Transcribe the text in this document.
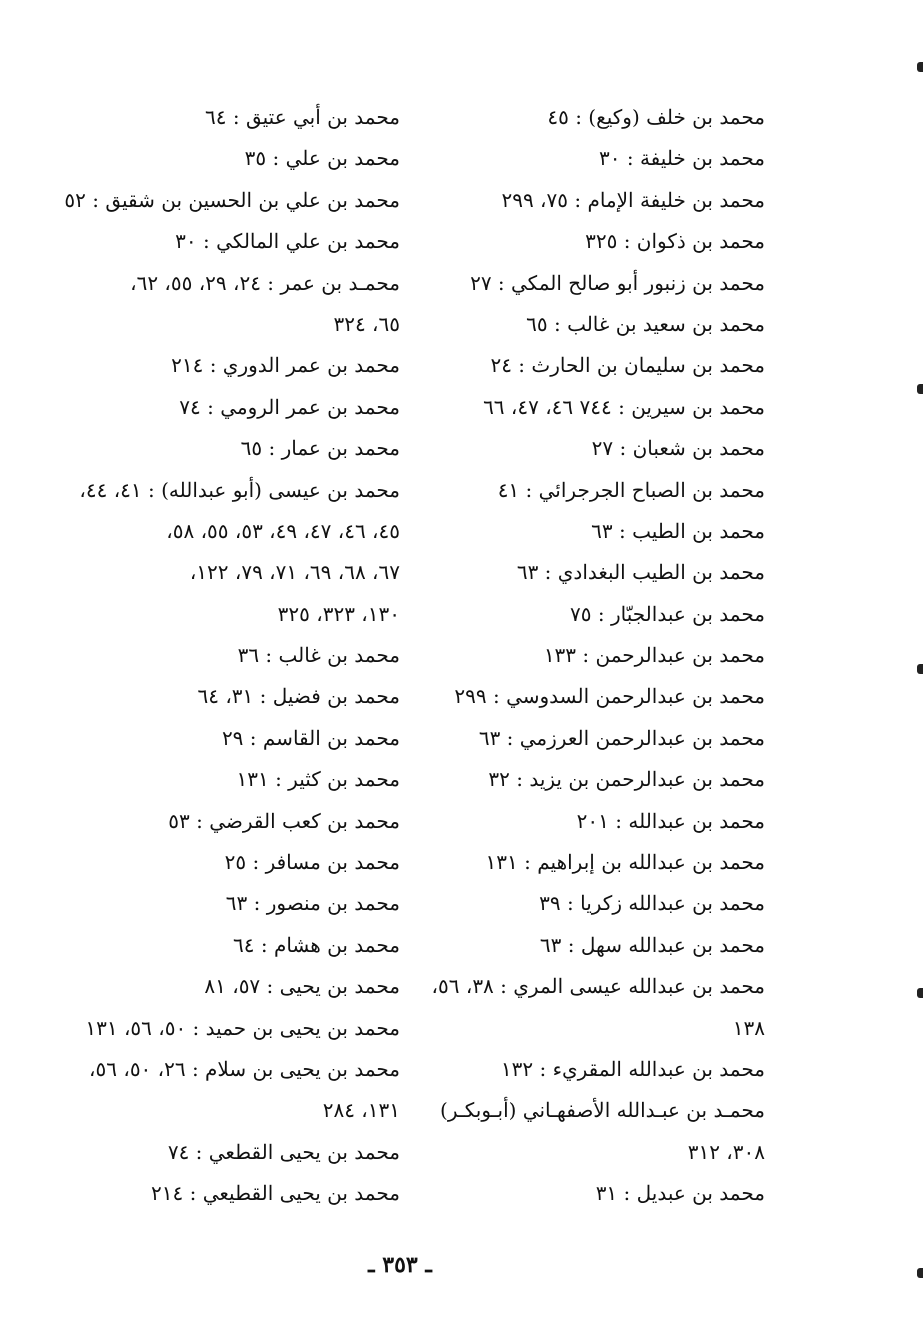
محمد بن خلف (وكيع) : ٤٥
محمد بن خليفة : ٣٠
محمد بن خليفة الإمام : ٧٥، ٢٩٩
محمد بن ذكوان : ٣٢٥
محمد بن زنبور أبو صالح المكي : ٢٧
محمد بن سعيد بن غالب : ٦٥
محمد بن سليمان بن الحارث : ٢٤
محمد بن سيرين : ٧٤٤ ٤٦، ٤٧، ٦٦
محمد بن شعبان : ٢٧
محمد بن الصباح الجرجرائي : ٤١
محمد بن الطيب : ٦٣
محمد بن الطيب البغدادي : ٦٣
محمد بن عبدالجبّار : ٧٥
محمد بن عبدالرحمن : ١٣٣
محمد بن عبدالرحمن السدوسي : ٢٩٩
محمد بن عبدالرحمن العرزمي : ٦٣
محمد بن عبدالرحمن بن يزيد : ٣٢
محمد بن عبدالله : ٢٠١
محمد بن عبدالله بن إبراهيم : ١٣١
محمد بن عبدالله زكريا : ٣٩
محمد بن عبدالله سهل : ٦٣
محمد بن عبدالله عيسى المري : ٣٨، ٥٦،
١٣٨
محمد بن عبدالله المقريء : ١٣٢
محمـد بن عبـدالله الأصفهـاني (أبـوبكـر)
٣٠٨، ٣١٢
محمد بن عبديل : ٣١
محمد بن أبي عتيق : ٦٤
محمد بن علي : ٣٥
محمد بن علي بن الحسين بن شقيق : ٥٢
محمد بن علي المالكي : ٣٠
محمـد بن عمر : ٢٤، ٢٩، ٥٥، ٦٢،
٦٥، ٣٢٤
محمد بن عمر الدوري : ٢١٤
محمد بن عمر الرومي : ٧٤
محمد بن عمار : ٦٥
محمد بن عيسى (أبو عبدالله) : ٤١، ٤٤،
٤٥، ٤٦، ٤٧، ٤٩، ٥٣، ٥٥، ٥٨،
٦٧، ٦٨، ٦٩، ٧١، ٧٩، ١٢٢،
١٣٠، ٣٢٣، ٣٢٥
محمد بن غالب : ٣٦
محمد بن فضيل : ٣١، ٦٤
محمد بن القاسم : ٢٩
محمد بن كثير : ١٣١
محمد بن كعب القرضي : ٥٣
محمد بن مسافر : ٢٥
محمد بن منصور : ٦٣
محمد بن هشام : ٦٤
محمد بن يحيى : ٥٧، ٨١
محمد بن يحيى بن حميد : ٥٠، ٥٦، ١٣١
محمد بن يحيى بن سلام : ٢٦، ٥٠، ٥٦،
١٣١، ٢٨٤
محمد بن يحيى القطعي : ٧٤
محمد بن يحيى القطيعي : ٢١٤
ـ ٣٥٣ ـ
